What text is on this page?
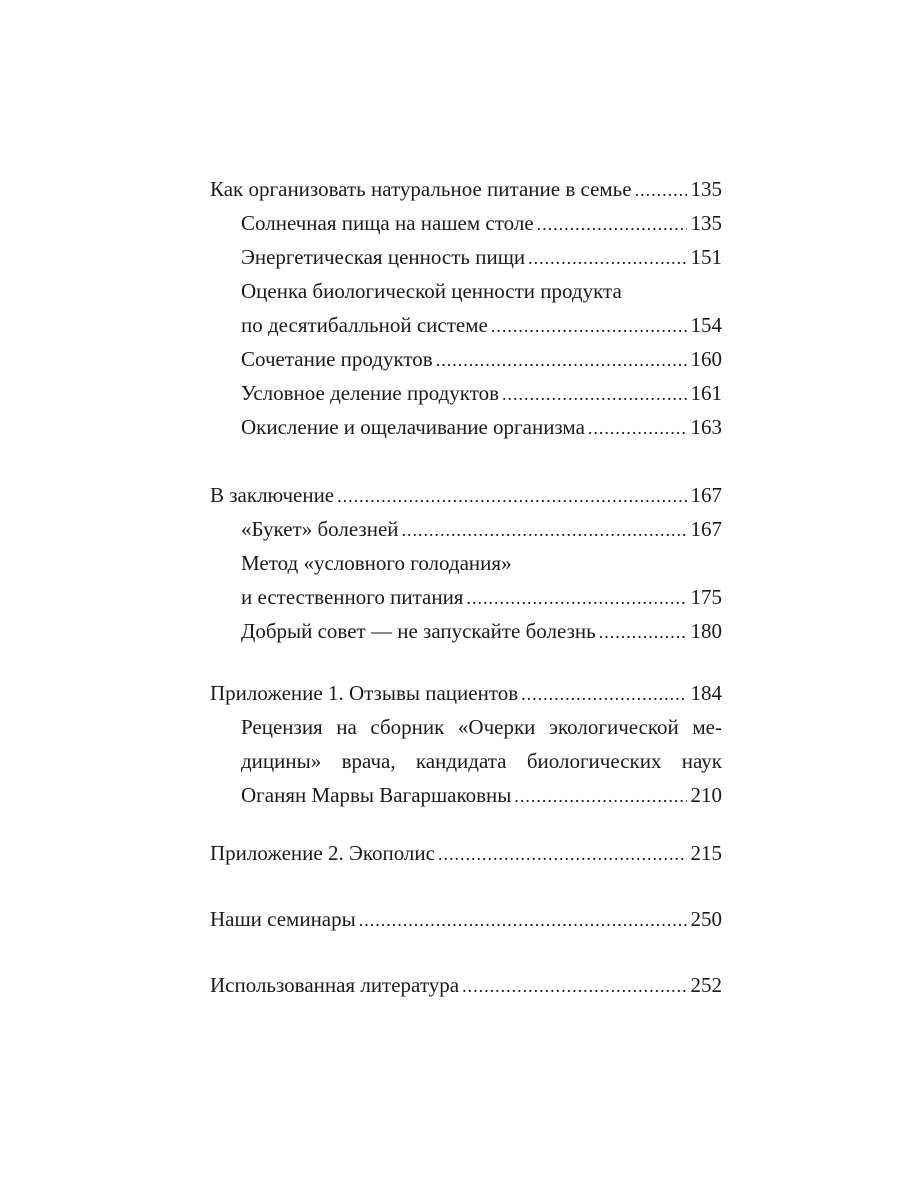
Как организовать натуральное питание в семье .....	135
Солнечная пища на нашем столе .....	135
Энергетическая ценность пищи .....	151
Оценка биологической ценности продукта
по десятибалльной системе .....	154
Сочетание продуктов .....	160
Условное деление продуктов .....	161
Окисление и ощелачивание организма .....	163
В заключение .....	167
«Букет» болезней .....	167
Метод «условного голодания»
и естественного питания .....	175
Добрый совет — не запускайте болезнь .....	180
Приложение 1. Отзывы пациентов .....	184
Рецензия на сборник «Очерки экологической ме-
дицины» врача, кандидата биологических наук
Оганян Марвы Вагаршаковны .....	210
Приложение 2. Экополис .....	215
Наши семинары .....	250
Использованная литература .....	252
